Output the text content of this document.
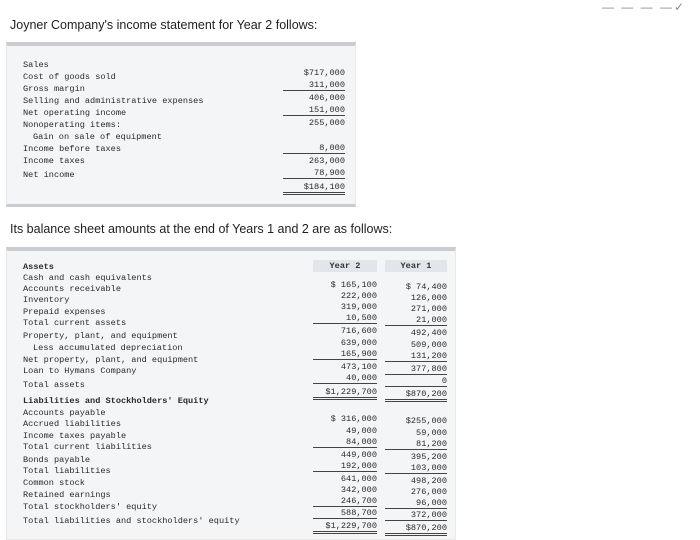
― — ― —✓
Joyner Company's income statement for Year 2 follows:
Sales
Cost of goods sold
Gross margin
Selling and administrative expenses
Net operating income
Nonoperating items:
Gain on sale of equipment
Income before taxes
Income taxes
Net income
$717,000
311,000
406,000
151,000
255,000
8,000
263,000
78,900
$184,100
Its balance sheet amounts at the end of Years 1 and 2 are as follows:
Year 2	Year 1
Assets
Cash and cash equivalents
Accounts receivable
Inventory
Prepaid expenses
Total current assets
Property, plant, and equipment
Less accumulated depreciation
Net property, plant, and equipment
Loan to Hymans Company
Total assets
Liabilities and Stockholders' Equity
Accounts payable
Accrued liabilities
Income taxes payable
Total current liabilities
Bonds payable
Total liabilities
Common stock
Retained earnings
Total stockholders' equity
Total liabilities and stockholders' equity
$ 165,100
222,000
319,000
10,500
716,600
639,000
165,900
473,100
40,000
$1,229,700
$ 316,000
49,000
84,000
449,000
192,000
641,000
342,000
246,700
588,700
$1,229,700
$ 74,400
126,000
271,000
21,000
492,400
509,000
131,200
377,800
0
$870,200
$255,000
59,000
81,200
395,200
103,000
498,200
276,000
96,000
372,000
$870,200
